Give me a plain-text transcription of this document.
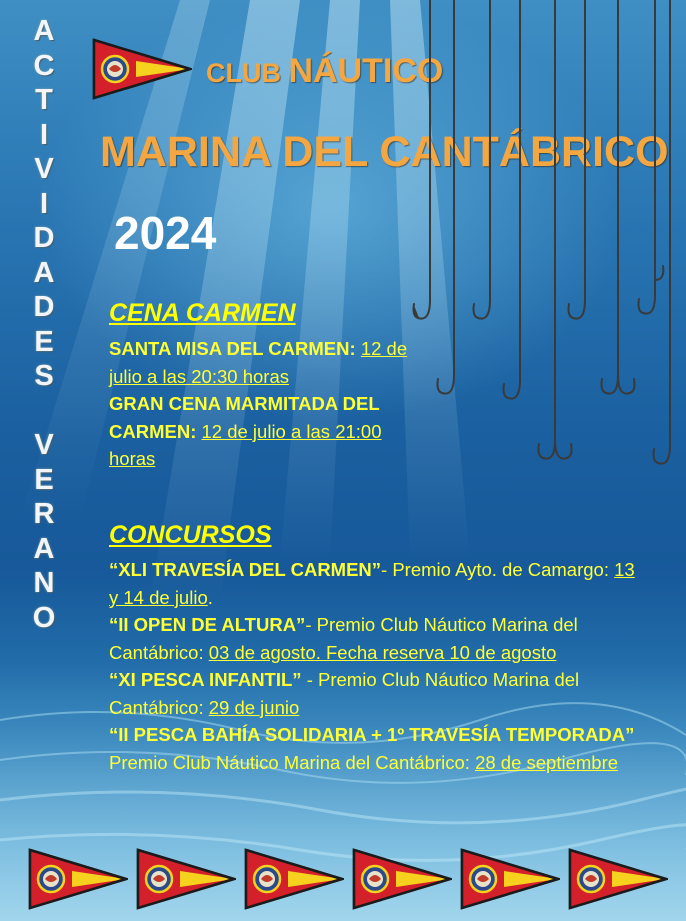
A
C
T
I
V
I
D
A
D
E
S
V
E
R
A
N
O
CLUB NÁUTICO
MARINA DEL CANTÁBRICO
2024
CENA CARMEN
SANTA MISA DEL CARMEN: 12 de julio a las 20:30 horas
GRAN CENA MARMITADA DEL CARMEN: 12 de julio a las 21:00 horas
CONCURSOS
“XLI TRAVESÍA DEL CARMEN”- Premio Ayto. de Camargo: 13 y 14 de julio.
“II OPEN DE ALTURA”- Premio Club Náutico Marina del Cantábrico: 03 de agosto. Fecha reserva 10 de agosto
“XI PESCA INFANTIL” - Premio Club Náutico Marina del Cantábrico: 29 de junio
“II PESCA BAHÍA SOLIDARIA + 1º TRAVESÍA TEMPORADA” Premio Club Náutico Marina del Cantábrico: 28 de septiembre
